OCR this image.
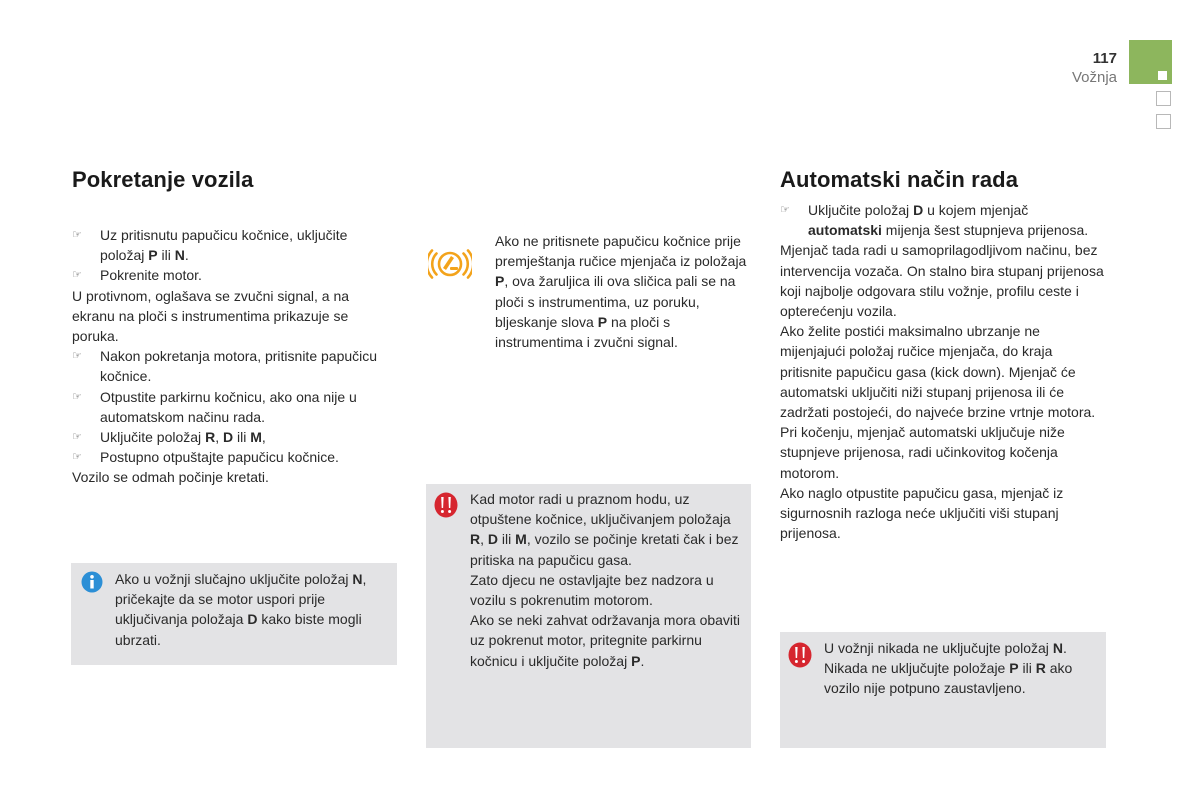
117
Vožnja
Pokretanje vozila

☞ Uz pritisnutu papučicu kočnice, uključite položaj P ili N.

☞ Pokrenite motor.

U protivnom, oglašava se zvučni signal, a na ekranu na ploči s instrumentima prikazuje se poruka.

☞ Nakon pokretanja motora, pritisnite papučicu kočnice.

☞ Otpustite parkirnu kočnicu, ako ona nije u automatskom načinu rada.

☞ Uključite položaj R, D ili M,

☞ Postupno otpuštajte papučicu kočnice.

Vozilo se odmah počinje kretati.

Ako u vožnji slučajno uključite položaj N, pričekajte da se motor uspori prije uključivanja položaja D kako biste mogli ubrzati.
Ako ne pritisnete papučicu kočnice prije premještanja ručice mjenjača iz položaja P, ova žaruljica ili ova sličica pali se na ploči s instrumentima, uz poruku, bljeskanje slova P na ploči s instrumentima i zvučni signal.

Kad motor radi u praznom hodu, uz otpuštene kočnice, uključivanjem položaja R, D ili M, vozilo se počinje kretati čak i bez pritiska na papučicu gasa.

Zato djecu ne ostavljajte bez nadzora u vozilu s pokrenutim motorom.

Ako se neki zahvat održavanja mora obaviti uz pokrenut motor, pritegnite parkirnu kočnicu i uključite položaj P.

Automatski način rada

☞ Uključite položaj D u kojem mjenjač automatski mijenja šest stupnjeva prijenosa.

Mjenjač tada radi u samoprilagodljivom načinu, bez intervencija vozača. On stalno bira stupanj prijenosa koji najbolje odgovara stilu vožnje, profilu ceste i opterećenju vozila.

Ako želite postići maksimalno ubrzanje ne mijenjajući položaj ručice mjenjača, do kraja pritisnite papučicu gasa (kick down). Mjenjač će automatski uključiti niži stupanj prijenosa ili će zadržati postojeći, do najveće brzine vrtnje motora.

Pri kočenju, mjenjač automatski uključuje niže stupnjeve prijenosa, radi učinkovitog kočenja motorom.

Ako naglo otpustite papučicu gasa, mjenjač iz sigurnosnih razloga neće uključiti viši stupanj prijenosa.

U vožnji nikada ne uključujte položaj N. Nikada ne uključujte položaje P ili R ako vozilo nije potpuno zaustavljeno.
